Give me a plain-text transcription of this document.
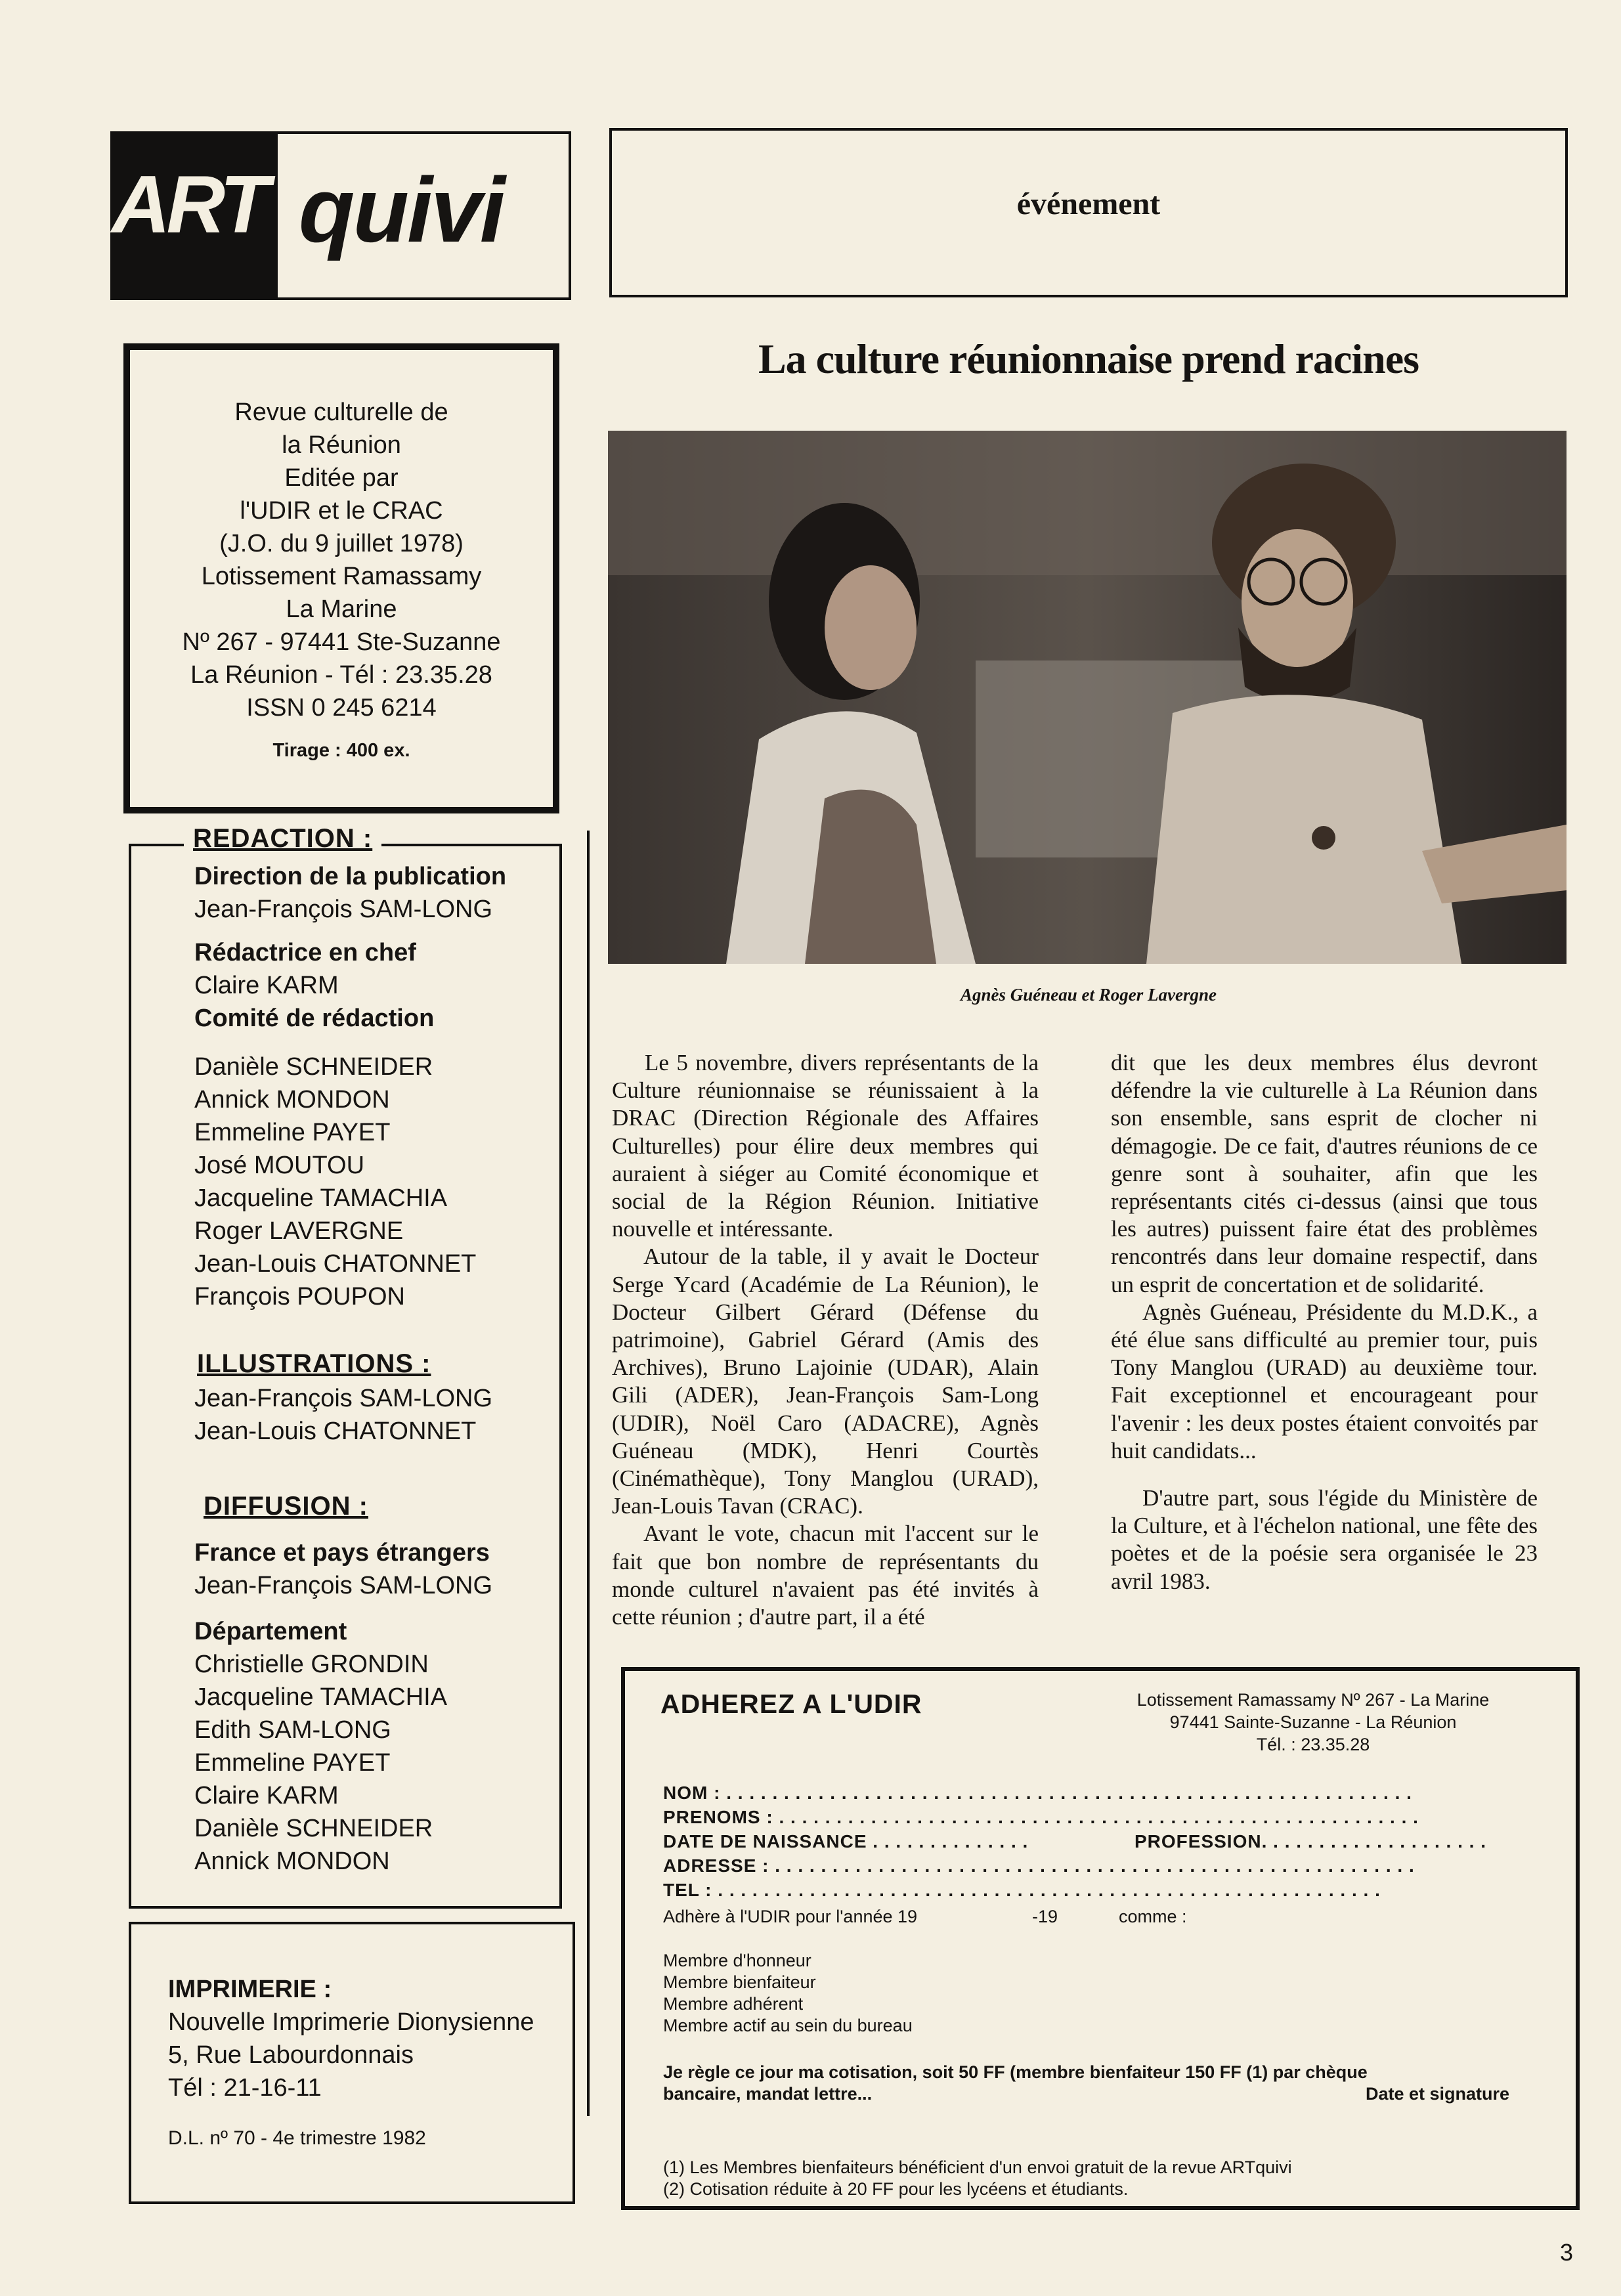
ART quivi	événement
Revue culturelle de
la Réunion
Editée par
l'UDIR et le CRAC
(J.O. du 9 juillet 1978)
Lotissement Ramassamy
La Marine
Nº 267 - 97441 Ste-Suzanne
La Réunion - Tél : 23.35.28
ISSN 0 245 6214
Tirage : 400 ex.
REDACTION :
Direction de la publication
Jean-François SAM-LONG
Rédactrice en chef
Claire KARM
Comité de rédaction
Danièle SCHNEIDER
Annick MONDON
Emmeline PAYET
José MOUTOU
Jacqueline TAMACHIA
Roger LAVERGNE
Jean-Louis CHATONNET
François POUPON
ILLUSTRATIONS :
Jean-François SAM-LONG
Jean-Louis CHATONNET
DIFFUSION :
France et pays étrangers
Jean-François SAM-LONG
Département
Christielle GRONDIN
Jacqueline TAMACHIA
Edith SAM-LONG
Emmeline PAYET
Claire KARM
Danièle SCHNEIDER
Annick MONDON
IMPRIMERIE :
Nouvelle Imprimerie Dionysienne
5, Rue Labourdonnais
Tél : 21-16-11
D.L. nº 70 - 4e trimestre 1982
La culture réunionnaise prend racines
Agnès Guéneau et Roger Lavergne

Le 5 novembre, divers représentants de la Culture réunionnaise se réunissaient à la DRAC (Direction Régionale des Affaires Culturelles) pour élire deux membres qui auraient à siéger au Comité économique et social de la Région Réunion. Initiative nouvelle et intéressante.

Autour de la table, il y avait le Docteur Serge Ycard (Académie de La Réunion), le Docteur Gilbert Gérard (Défense du patrimoine), Gabriel Gérard (Amis des Archives), Bruno Lajoinie (UDAR), Alain Gili (ADER), Jean-François Sam-Long (UDIR), Noël Caro (ADACRE), Agnès Guéneau (MDK), Henri Courtès (Cinémathèque), Tony Manglou (URAD), Jean-Louis Tavan (CRAC).

Avant le vote, chacun mit l'accent sur le fait que bon nombre de représentants du monde culturel n'avaient pas été invités à cette réunion ; d'autre part, il a été

dit que les deux membres élus devront défendre la vie culturelle à La Réunion dans son ensemble, sans esprit de clocher ni démagogie. De ce fait, d'autres réunions de ce genre sont à souhaiter, afin que les représentants cités ci-dessus (ainsi que tous les autres) puissent faire état des problèmes rencontrés dans leur domaine respectif, dans un esprit de concertation et de solidarité.

Agnès Guéneau, Présidente du M.D.K., a été élue sans difficulté au premier tour, puis Tony Manglou (URAD) au deuxième tour. Fait exceptionnel et encourageant pour l'avenir : les deux postes étaient convoités par huit candidats...

D'autre part, sous l'égide du Ministère de la Culture, et à l'échelon national, une fête des poètes et de la poésie sera organisée le 23 avril 1983.

ADHEREZ A L'UDIR	Lotissement Ramassamy Nº 267 - La Marine
97441 Sainte-Suzanne - La Réunion
Tél. : 23.35.28
NOM : . . . . . . . . . . . . . . . . . . . . . . . . . . . . . . . . . . . . . . . . . . . . . . . . . . . . . . . . . . . .
PRENOMS : . . . . . . . . . . . . . . . . . . . . . . . . . . . . . . . . . . . . . . . . . . . . . . . . . . . . . . . .
DATE DE NAISSANCE . . . . . . . . . . . . . .	PROFESSION. . . . . . . . . . . . . . . . . . . .
ADRESSE : . . . . . . . . . . . . . . . . . . . . . . . . . . . . . . . . . . . . . . . . . . . . . . . . . . . . . . . .
TEL : . . . . . . . . . . . . . . . . . . . . . . . . . . . . . . . . . . . . . . . . . . . . . . . . . . . . . . . . . .
Adhère à l'UDIR pour l'année 19	-19	comme :
Membre d'honneur
Membre bienfaiteur
Membre adhérent
Membre actif au sein du bureau
Je règle ce jour ma cotisation, soit 50 FF (membre bienfaiteur 150 FF (1) par chèque
bancaire, mandat lettre...	Date et signature
(1) Les Membres bienfaiteurs bénéficient d'un envoi gratuit de la revue ARTquivi
(2) Cotisation réduite à 20 FF pour les lycéens et étudiants.
3
